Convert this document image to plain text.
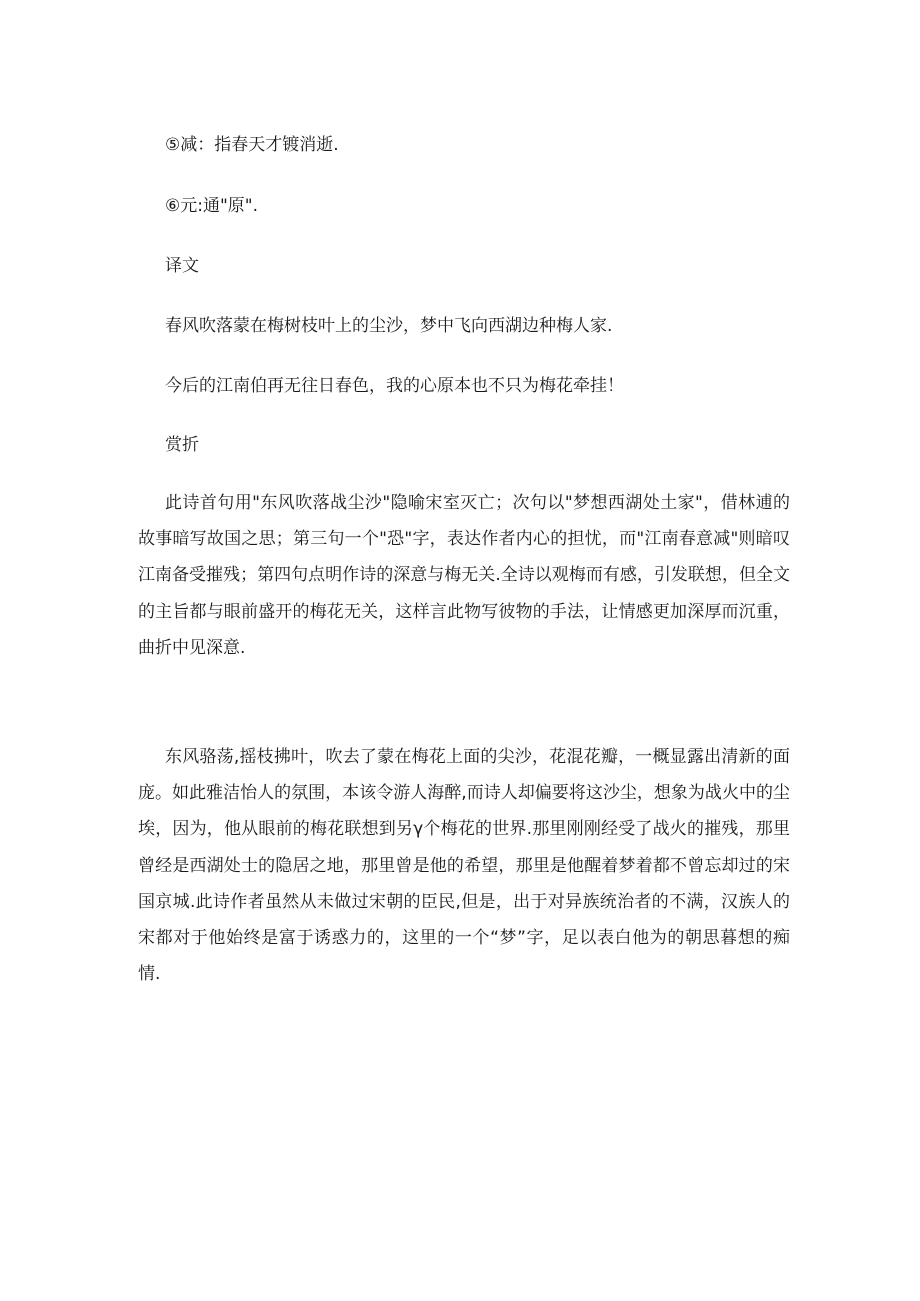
⑤减：指春天才镀消逝.

⑥元:通"原".

译文

春风吹落蒙在梅树枝叶上的尘沙，梦中飞向西湖边种梅人家.

今后的江南伯再无往日春色，我的心原本也不只为梅花牵挂！

赏折

此诗首句用"东风吹落战尘沙"隐喻宋室灭亡；次句以"梦想西湖处土家"，借林逋的故事暗写故国之思；第三句一个"恐"字，表达作者内心的担忧，而"江南春意减"则暗叹江南备受摧残；第四句点明作诗的深意与梅无关.全诗以观梅而有感，引发联想，但全文的主旨都与眼前盛开的梅花无关，这样言此物写彼物的手法，让情感更加深厚而沉重，曲折中见深意.

东风骆荡,摇枝拂叶，吹去了蒙在梅花上面的尖沙，花混花瓣，一概显露出清新的面庞。如此雅洁怡人的氛围，本该令游人海醉,而诗人却偏要将这沙尘，想象为战火中的尘埃，因为，他从眼前的梅花联想到另γ个梅花的世界.那里刚刚经受了战火的摧残，那里曾经是西湖处士的隐居之地，那里曾是他的希望，那里是他醒着梦着都不曾忘却过的宋国京城.此诗作者虽然从未做过宋朝的臣民,但是，出于对异族统治者的不满，汉族人的宋都对于他始终是富于诱惑力的，这里的一个“梦”字，足以表白他为的朝思暮想的痴情.
